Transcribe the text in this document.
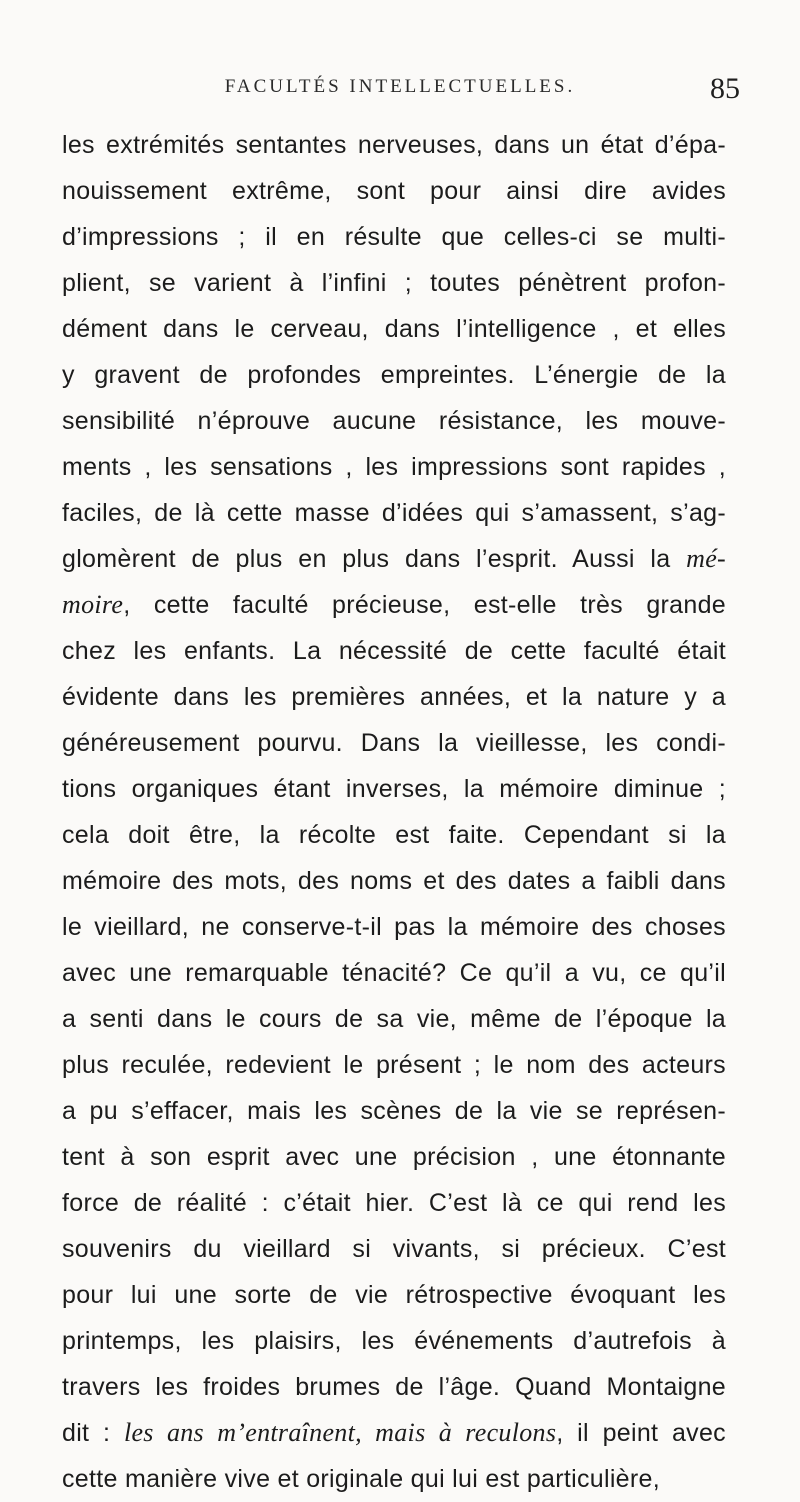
FACULTÉS INTELLECTUELLES.	85
les extrémités sentantes nerveuses, dans un état d’épa-
nouissement extrême, sont pour ainsi dire avides
d’impressions ; il en résulte que celles-ci se multi-
plient, se varient à l’infini ; toutes pénètrent profon-
dément dans le cerveau, dans l’intelligence , et elles
y gravent de profondes empreintes. L’énergie de la
sensibilité n’éprouve aucune résistance, les mouve-
ments , les sensations , les impressions sont rapides ,
faciles, de là cette masse d’idées qui s’amassent, s’ag-
glomèrent de plus en plus dans l’esprit. Aussi la mé-
moire, cette faculté précieuse, est-elle très grande
chez les enfants. La nécessité de cette faculté était
évidente dans les premières années, et la nature y a
généreusement pourvu. Dans la vieillesse, les condi-
tions organiques étant inverses, la mémoire diminue ;
cela doit être, la récolte est faite. Cependant si la
mémoire des mots, des noms et des dates a faibli dans
le vieillard, ne conserve-t-il pas la mémoire des choses
avec une remarquable ténacité? Ce qu’il a vu, ce qu’il
a senti dans le cours de sa vie, même de l’époque la
plus reculée, redevient le présent ; le nom des acteurs
a pu s’effacer, mais les scènes de la vie se représen-
tent à son esprit avec une précision , une étonnante
force de réalité : c’était hier. C’est là ce qui rend les
souvenirs du vieillard si vivants, si précieux. C’est
pour lui une sorte de vie rétrospective évoquant les
printemps, les plaisirs, les événements d’autrefois à
travers les froides brumes de l’âge. Quand Montaigne
dit : les ans m’entraînent, mais à reculons, il peint avec
cette manière vive et originale qui lui est particulière,
